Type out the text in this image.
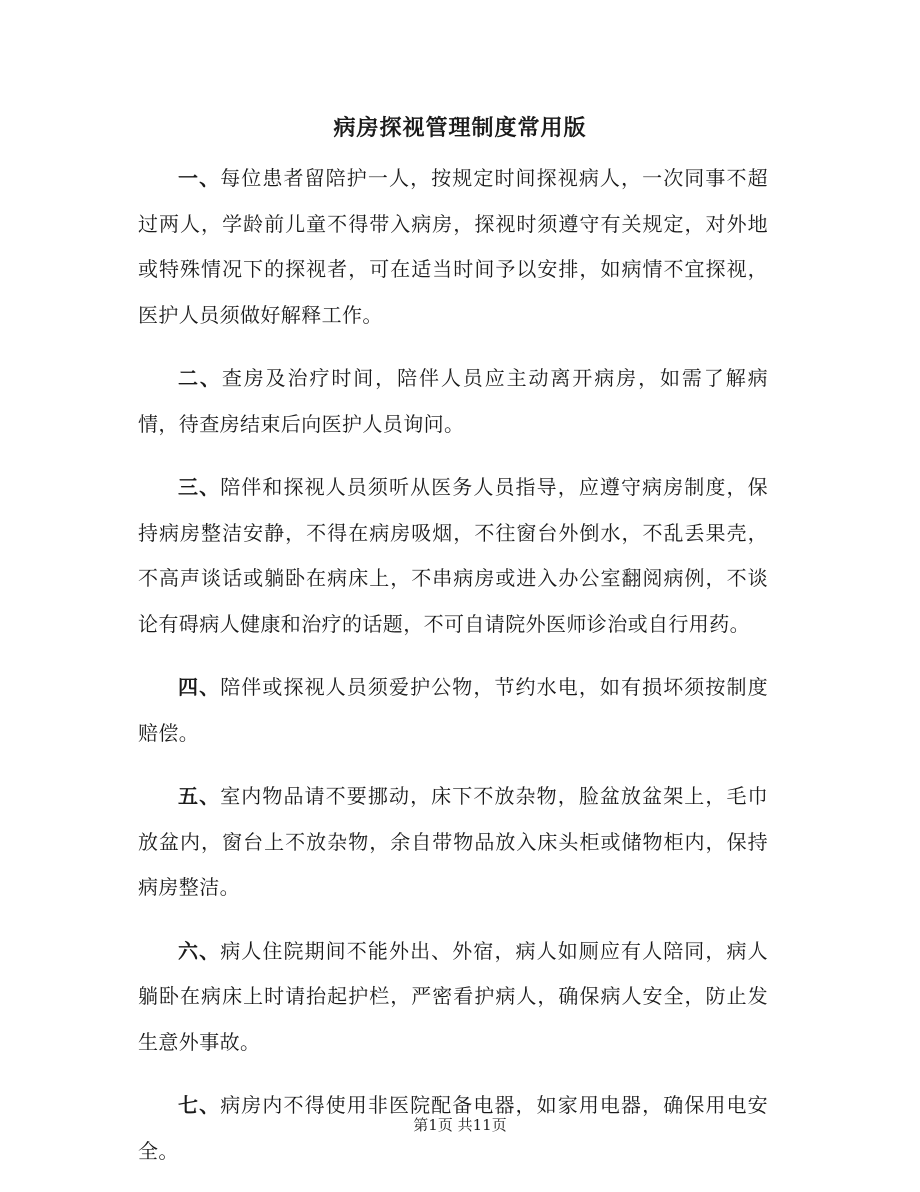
病房探视管理制度常用版

一、每位患者留陪护一人，按规定时间探视病人，一次同事不超过两人，学龄前儿童不得带入病房，探视时须遵守有关规定，对外地或特殊情况下的探视者，可在适当时间予以安排，如病情不宜探视，医护人员须做好解释工作。

二、查房及治疗时间，陪伴人员应主动离开病房，如需了解病情，待查房结束后向医护人员询问。

三、陪伴和探视人员须听从医务人员指导，应遵守病房制度，保持病房整洁安静，不得在病房吸烟，不往窗台外倒水，不乱丢果壳，不高声谈话或躺卧在病床上，不串病房或进入办公室翻阅病例，不谈论有碍病人健康和治疗的话题，不可自请院外医师诊治或自行用药。

四、陪伴或探视人员须爱护公物，节约水电，如有损坏须按制度赔偿。

五、室内物品请不要挪动，床下不放杂物，脸盆放盆架上，毛巾放盆内，窗台上不放杂物，余自带物品放入床头柜或储物柜内，保持病房整洁。

六、病人住院期间不能外出、外宿，病人如厕应有人陪同，病人躺卧在病床上时请抬起护栏，严密看护病人，确保病人安全，防止发生意外事故。

七、病房内不得使用非医院配备电器，如家用电器，确保用电安全。

第1页 共11页
